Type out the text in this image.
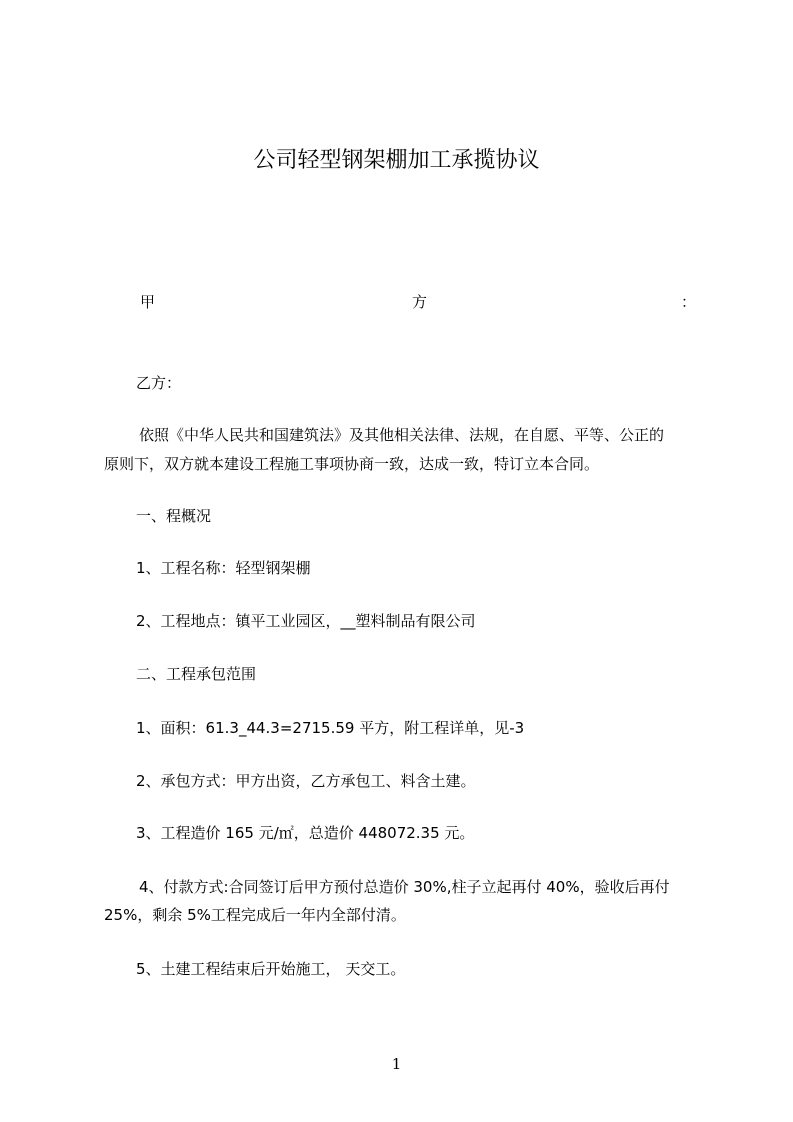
公司轻型钢架棚加工承揽协议
甲	方	：
乙方：
依照《中华人民共和国建筑法》及其他相关法律、法规，在自愿、平等、公正的
原则下，双方就本建设工程施工事项协商一致，达成一致，特订立本合同。
一、程概况
1、工程名称：轻型钢架棚
2、工程地点：镇平工业园区，__塑料制品有限公司
二、工程承包范围
1、面积：61.3_44.3=2715.59 平方，附工程详单，见-3
2、承包方式：甲方出资，乙方承包工、料含土建。
3、工程造价 165 元/㎡，总造价 448072.35 元。
4、付款方式:合同签订后甲方预付总造价 30%,柱子立起再付 40%，验收后再付
25%，剩余 5%工程完成后一年内全部付清。
5、土建工程结束后开始施工， 天交工。
1
